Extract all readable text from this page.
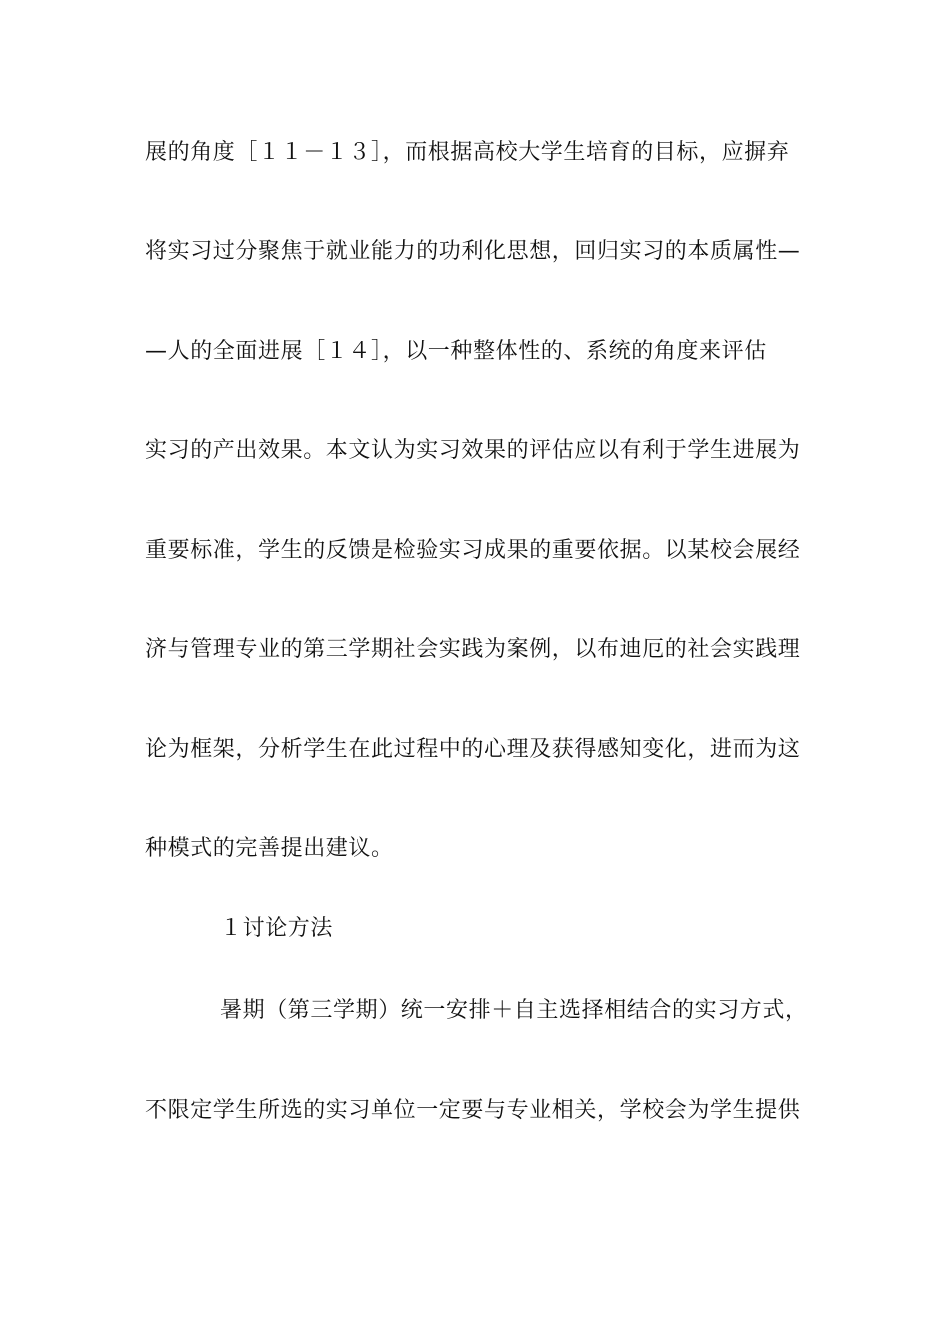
展的角度［１１－１３］，而根据高校大学生培育的目标，应摒弃
将实习过分聚焦于就业能力的功利化思想，回归实习的本质属性—
—人的全面进展［１４］，以一种整体性的、系统的角度来评估
实习的产出效果。本文认为实习效果的评估应以有利于学生进展为
重要标准，学生的反馈是检验实习成果的重要依据。以某校会展经
济与管理专业的第三学期社会实践为案例，以布迪厄的社会实践理
论为框架，分析学生在此过程中的心理及获得感知变化，进而为这
种模式的完善提出建议。
１讨论方法
暑期（第三学期）统一安排＋自主选择相结合的实习方式，
不限定学生所选的实习单位一定要与专业相关，学校会为学生提供
